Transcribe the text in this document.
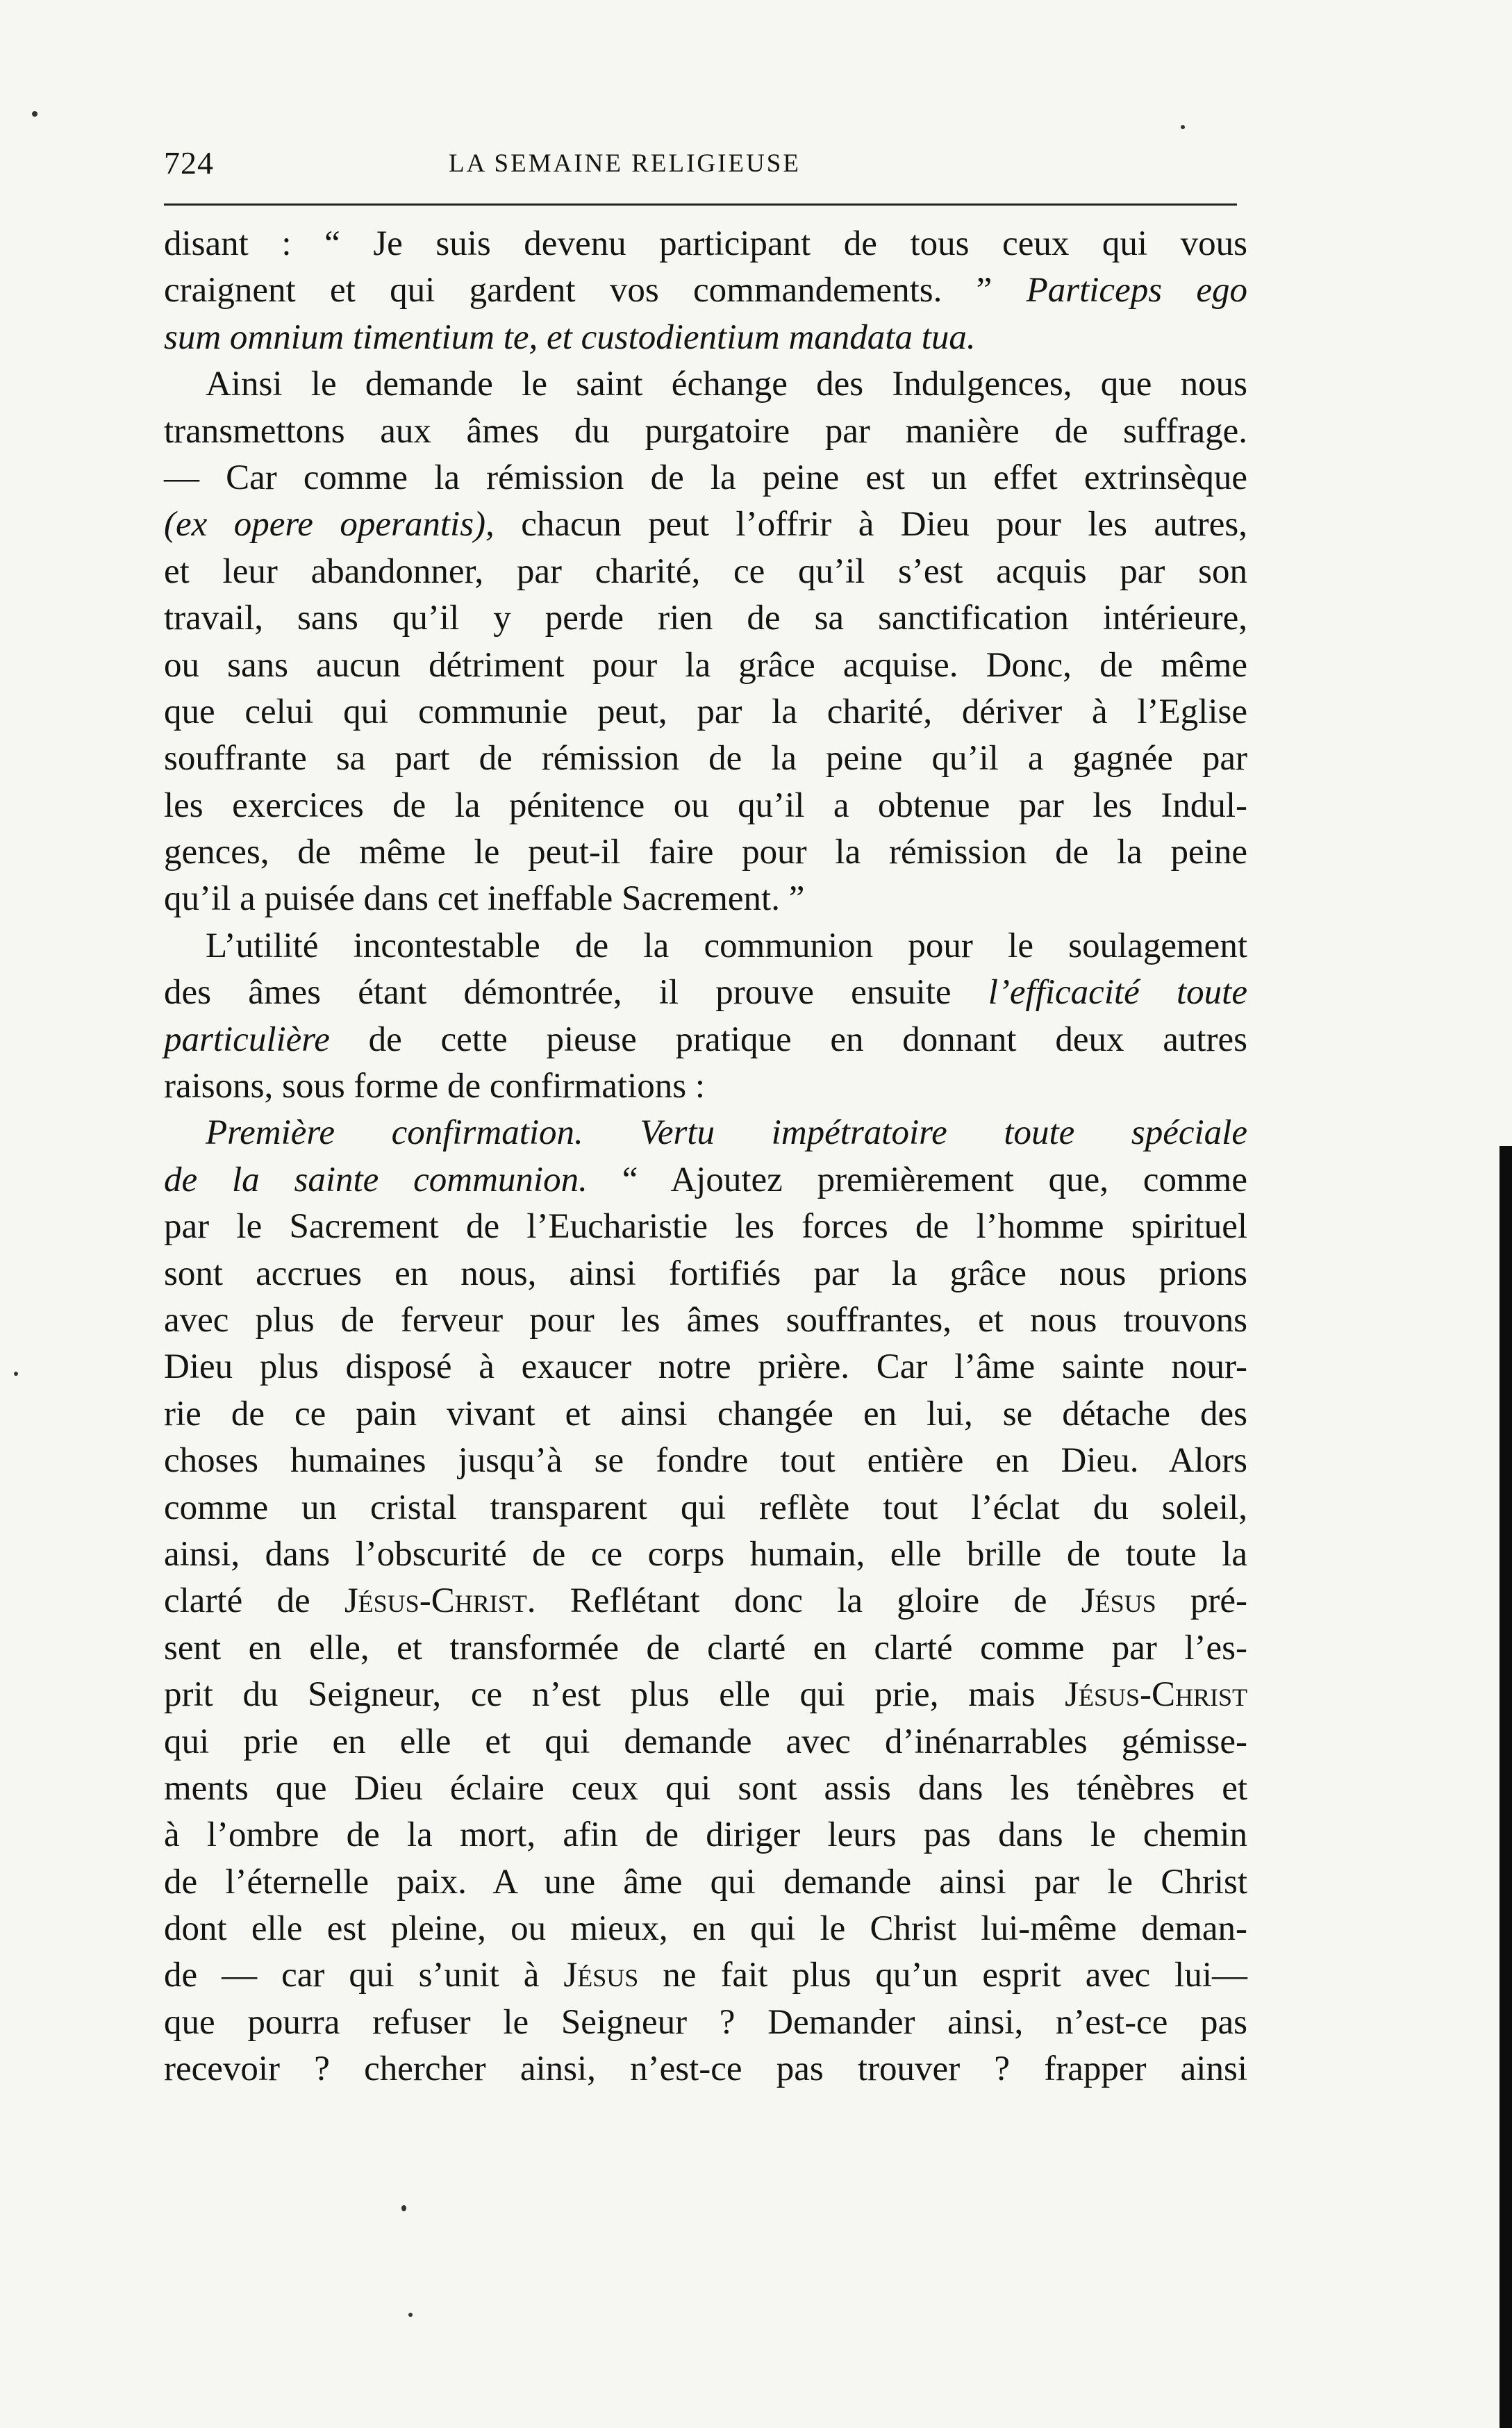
724	LA SEMAINE RELIGIEUSE
disant : “ Je suis devenu participant de tous ceux qui vous
craignent et qui gardent vos commandements. ” Particeps ego
sum omnium timentium te, et custodientium mandata tua.
Ainsi le demande le saint échange des Indulgences, que nous
transmettons aux âmes du purgatoire par manière de suffrage.
— Car comme la rémission de la peine est un effet extrinsèque
(ex opere operantis), chacun peut l’offrir à Dieu pour les autres,
et leur abandonner, par charité, ce qu’il s’est acquis par son
travail, sans qu’il y perde rien de sa sanctification intérieure,
ou sans aucun détriment pour la grâce acquise. Donc, de même
que celui qui communie peut, par la charité, dériver à l’Eglise
souffrante sa part de rémission de la peine qu’il a gagnée par
les exercices de la pénitence ou qu’il a obtenue par les Indul-
gences, de même le peut-il faire pour la rémission de la peine
qu’il a puisée dans cet ineffable Sacrement. ”
L’utilité incontestable de la communion pour le soulagement
des âmes étant démontrée, il prouve ensuite l’efficacité toute
particulière de cette pieuse pratique en donnant deux autres
raisons, sous forme de confirmations :
Première confirmation. Vertu impétratoire toute spéciale
de la sainte communion. “ Ajoutez premièrement que, comme
par le Sacrement de l’Eucharistie les forces de l’homme spirituel
sont accrues en nous, ainsi fortifiés par la grâce nous prions
avec plus de ferveur pour les âmes souffrantes, et nous trouvons
Dieu plus disposé à exaucer notre prière. Car l’âme sainte nour-
rie de ce pain vivant et ainsi changée en lui, se détache des
choses humaines jusqu’à se fondre tout entière en Dieu. Alors
comme un cristal transparent qui reflète tout l’éclat du soleil,
ainsi, dans l’obscurité de ce corps humain, elle brille de toute la
clarté de Jésus-Christ. Reflétant donc la gloire de Jésus pré-
sent en elle, et transformée de clarté en clarté comme par l’es-
prit du Seigneur, ce n’est plus elle qui prie, mais Jésus-Christ
qui prie en elle et qui demande avec d’inénarrables gémisse-
ments que Dieu éclaire ceux qui sont assis dans les ténèbres et
à l’ombre de la mort, afin de diriger leurs pas dans le chemin
de l’éternelle paix. A une âme qui demande ainsi par le Christ
dont elle est pleine, ou mieux, en qui le Christ lui-même deman-
de — car qui s’unit à Jésus ne fait plus qu’un esprit avec lui—
que pourra refuser le Seigneur ? Demander ainsi, n’est-ce pas
recevoir ? chercher ainsi, n’est-ce pas trouver ? frapper ainsi
